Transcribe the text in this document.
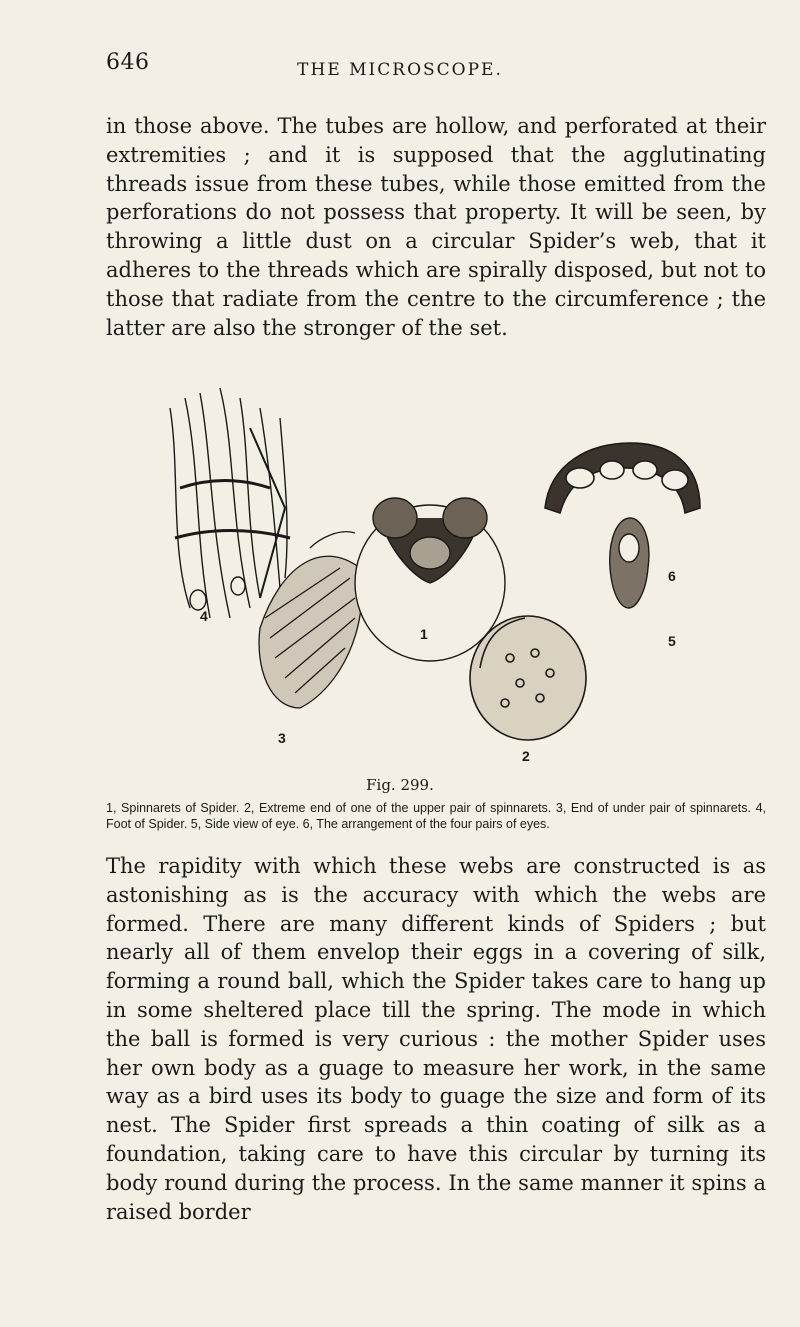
646	THE MICROSCOPE.
in those above. The tubes are hollow, and perforated at their extremities ; and it is supposed that the agglutinating threads issue from these tubes, while those emitted from the perforations do not possess that property. It will be seen, by throwing a little dust on a circular Spider’s web, that it adheres to the threads which are spirally disposed, but not to those that radiate from the centre to the circumference ; the latter are also the stronger of the set.
4
3
1
2
6
5
Fig. 299.
1, Spinnarets of Spider. 2, Extreme end of one of the upper pair of spinnarets. 3, End of under pair of spinnarets. 4, Foot of Spider. 5, Side view of eye. 6, The arrangement of the four pairs of eyes.
The rapidity with which these webs are constructed is as astonishing as is the accuracy with which the webs are formed. There are many different kinds of Spiders ; but nearly all of them envelop their eggs in a covering of silk, forming a round ball, which the Spider takes care to hang up in some sheltered place till the spring. The mode in which the ball is formed is very curious : the mother Spider uses her own body as a guage to measure her work, in the same way as a bird uses its body to guage the size and form of its nest. The Spider first spreads a thin coating of silk as a foundation, taking care to have this circular by turning its body round during the process. In the same manner it spins a raised border
